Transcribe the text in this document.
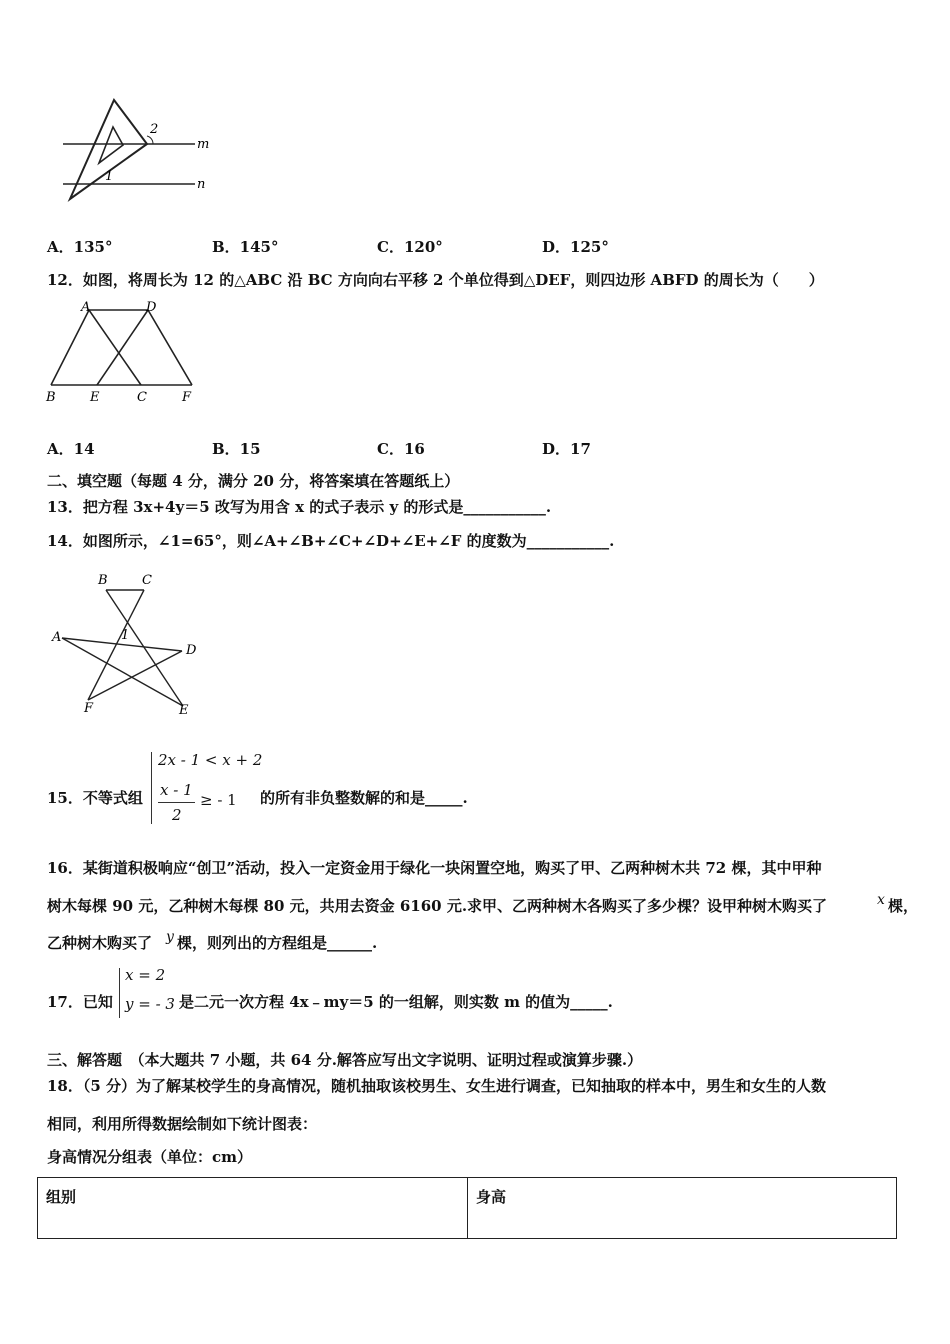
2
1
m
n
A．135°	B．145°	C．120°	D．125°
12．如图，将周长为 12 的△ABC 沿 BC 方向向右平移 2 个单位得到△DEF，则四边形 ABFD 的周长为（　　）
A	D
B	E	C	F
A．14	B．15	C．16	D．17
二、填空题（每题 4 分，满分 20 分，将答案填在答题纸上）
13．把方程 3x+4y＝5 改写为用含 x 的式子表示 y 的形式是___________.
14．如图所示，∠1=65°，则∠A+∠B+∠C+∠D+∠E+∠F 的度数为___________.
B	C
A	1
D
F	E
15．不等式组
2x - 1 < x + 2
x - 1
2
≥ - 1 的所有非负整数解的和是_____.
16．某街道积极响应“创卫”活动，投入一定资金用于绿化一块闲置空地，购买了甲、乙两种树木共 72 棵，其中甲种
树木每棵 90 元，乙种树木每棵 80 元，共用去资金 6160 元.求甲、乙两种树木各购买了多少棵？设甲种树木购买了	x 棵，
乙种树木购买了 y 棵，则列出的方程组是______.
17．已知
x = 2
y = - 3 是二元一次方程 4x﹣my＝5 的一组解，则实数 m 的值为_____.
三、解答题　（本大题共 7 小题，共 64 分.解答应写出文字说明、证明过程或演算步骤.）
18．（5 分）为了解某校学生的身高情况，随机抽取该校男生、女生进行调查，已知抽取的样本中，男生和女生的人数
相同，利用所得数据绘制如下统计图表：
身高情况分组表（单位：cm）
组别	身高
